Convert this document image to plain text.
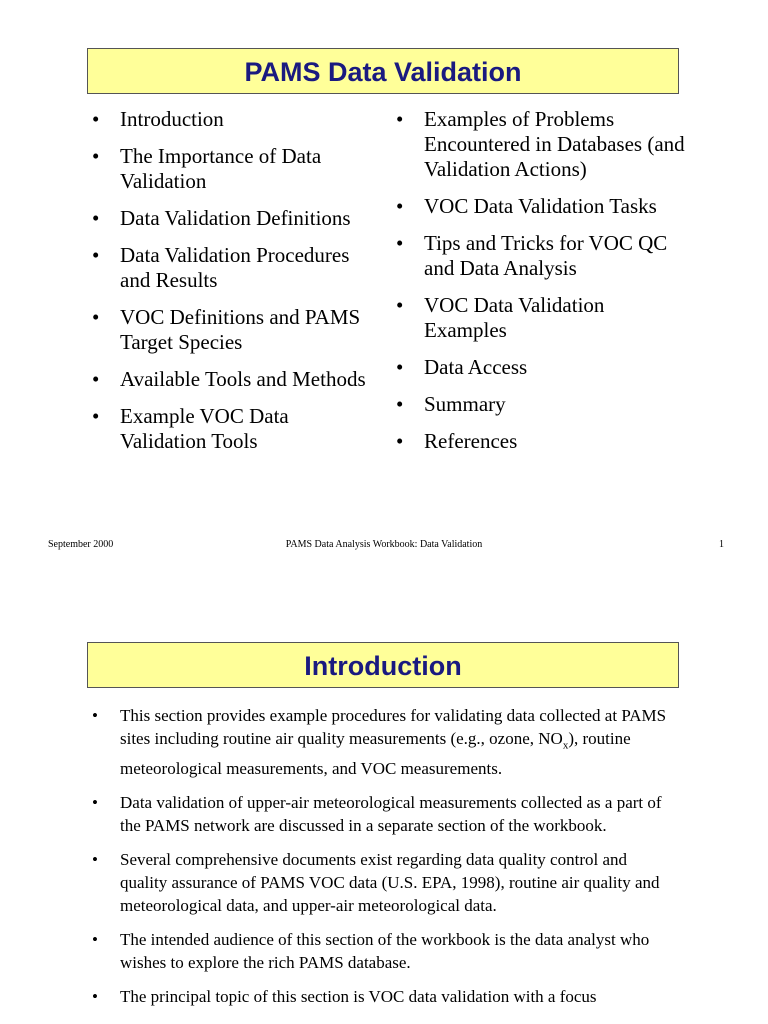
PAMS Data Validation
• Introduction
• The Importance of Data Validation
• Data Validation Definitions
• Data Validation Procedures and Results
• VOC Definitions and PAMS Target Species
• Available Tools and Methods
• Example VOC Data Validation Tools
• Examples of Problems Encountered in Databases (and Validation Actions)
• VOC Data Validation Tasks
• Tips and Tricks for VOC QC and Data Analysis
• VOC Data Validation Examples
• Data Access
• Summary
• References
September 2000	PAMS Data Analysis Workbook: Data Validation	1
Introduction
• This section provides example procedures for validating data collected at PAMS sites including routine air quality measurements (e.g., ozone, $NO_x$), routine meteorological measurements, and VOC measurements.
• Data validation of upper-air meteorological measurements collected as a part of the PAMS network are discussed in a separate section of the workbook.
• Several comprehensive documents exist regarding data quality control and quality assurance of PAMS VOC data (U.S. EPA, 1998), routine air quality and meteorological data, and upper-air meteorological data.
• The intended audience of this section of the workbook is the data analyst who wishes to explore the rich PAMS database.
• The principal topic of this section is VOC data validation with a focus
